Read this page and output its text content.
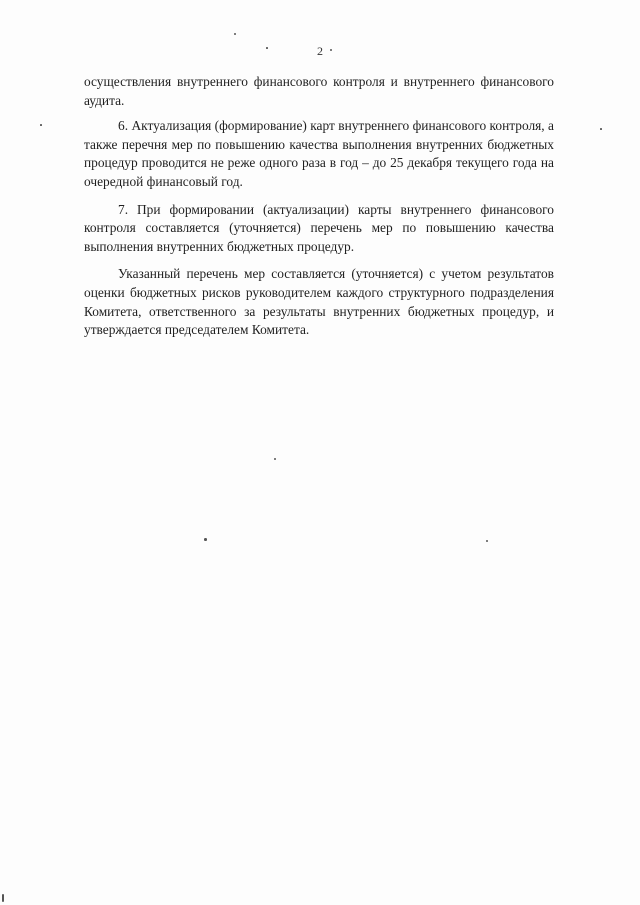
2

осуществления внутреннего финансового контроля и внутреннего финансового аудита.

6. Актуализация (формирование) карт внутреннего финансового контроля, а также перечня мер по повышению качества выполнения внутренних бюджетных процедур проводится не реже одного раза в год – до 25 декабря текущего года на очередной финансовый год.

7. При формировании (актуализации) карты внутреннего финансового контроля составляется (уточняется) перечень мер по повышению качества выполнения внутренних бюджетных процедур.

Указанный перечень мер составляется (уточняется) с учетом результатов оценки бюджетных рисков руководителем каждого структурного подразделения Комитета, ответственного за результаты внутренних бюджетных процедур, и утверждается председателем Комитета.
